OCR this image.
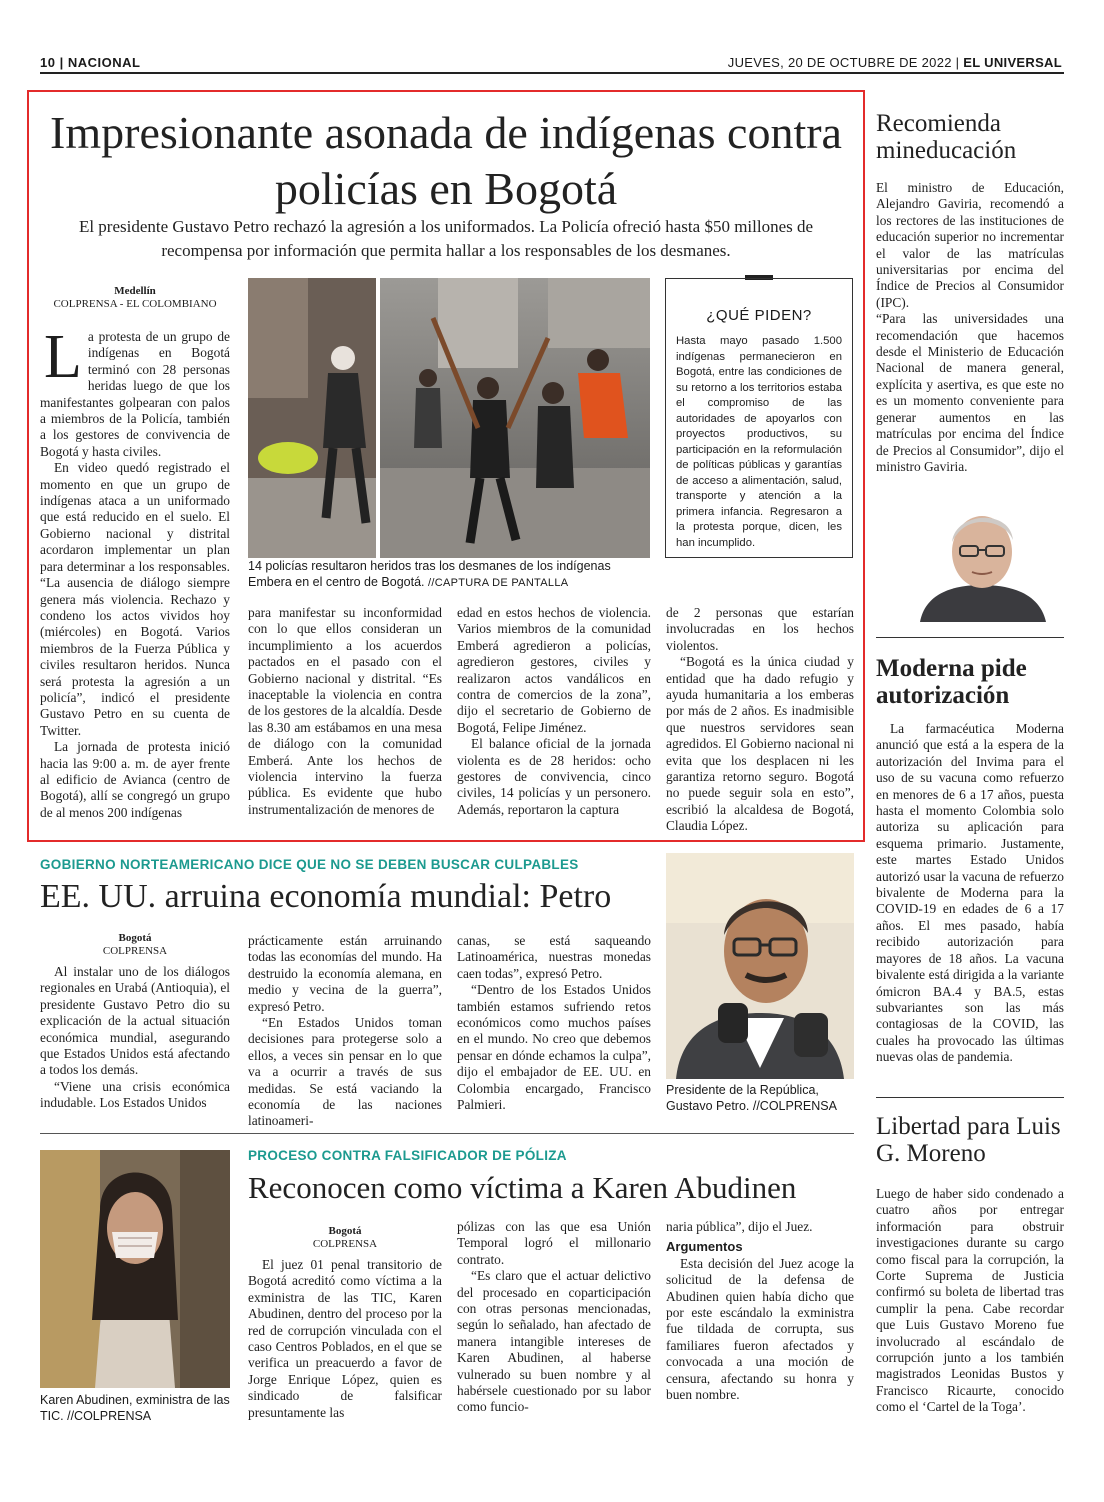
10 | NACIONAL	JUEVES, 20 DE OCTUBRE DE 2022 | EL UNIVERSAL
Impresionante asonada de indígenas contra policías en Bogotá

El presidente Gustavo Petro rechazó la agresión a los uniformados. La Policía ofreció hasta $50 millones de recompensa por información que permita hallar a los responsables de los desmanes.

Medellín
COLPRENSA - EL COLOMBIANO
L a protesta de un grupo de indígenas en Bogotá terminó con 28 personas heridas luego de que los manifestantes golpearan con palos a miembros de la Policía, también a los gestores de convivencia de Bogotá y hasta civiles.

En video quedó registrado el momento en que un grupo de indígenas ataca a un uniformado que está reducido en el suelo. El Gobierno nacional y distrital acordaron implementar un plan para determinar a los responsables. “La ausencia de diálogo siempre genera más violencia. Rechazo y condeno los actos vividos hoy (miércoles) en Bogotá. Varios miembros de la Fuerza Pública y civiles resultaron heridos. Nunca será protesta la agresión a un policía”, indicó el presidente Gustavo Petro en su cuenta de Twitter.

La jornada de protesta inició hacia las 9:00 a. m. de ayer frente al edificio de Avianca (centro de Bogotá), allí se congregó un grupo de al menos 200 indígenas

14 policías resultaron heridos tras los desmanes de los indígenas Embera en el centro de Bogotá. //CAPTURA DE PANTALLA
¿QUÉ PIDEN?
Hasta mayo pasado 1.500 indígenas permanecieron en Bogotá, entre las condiciones de su retorno a los territorios estaba el compromiso de las autoridades de apoyarlos con proyectos productivos, su participación en la reformulación de políticas públicas y garantías de acceso a alimentación, salud, transporte y atención a la primera infancia. Regresaron a la protesta porque, dicen, les han incumplido.

para manifestar su inconformidad con lo que ellos consideran un incumplimiento a los acuerdos pactados en el pasado con el Gobierno nacional y distrital. “Es inaceptable la violencia en contra de los gestores de la alcaldía. Desde las 8.30 am estábamos en una mesa de diálogo con la comunidad Emberá. Ante los hechos de violencia intervino la fuerza pública. Es evidente que hubo instrumentalización de menores de

edad en estos hechos de violencia. Varios miembros de la comunidad Emberá agredieron a policías, agredieron gestores, civiles y realizaron actos vandálicos en contra de comercios de la zona”, dijo el secretario de Gobierno de Bogotá, Felipe Jiménez.

El balance oficial de la jornada violenta es de 28 heridos: ocho gestores de convivencia, cinco civiles, 14 policías y un personero. Además, reportaron la captura

de 2 personas que estarían involucradas en los hechos violentos.

“Bogotá es la única ciudad y entidad que ha dado refugio y ayuda humanitaria a los emberas por más de 2 años. Es inadmisible que nuestros servidores sean agredidos. El Gobierno nacional ni evita que los desplacen ni les garantiza retorno seguro. Bogotá no puede seguir sola en esto”, escribió la alcaldesa de Bogotá, Claudia López.

Recomienda mineducación

El ministro de Educación, Alejandro Gaviria, recomendó a los rectores de las instituciones de educación superior no incrementar el valor de las matrículas universitarias por encima del Índice de Precios al Consumidor (IPC).

“Para las universidades una recomendación que hacemos desde el Ministerio de Educación Nacional de manera general, explícita y asertiva, es que este no es un momento conveniente para generar aumentos en las matrículas por encima del Índice de Precios al Consumidor”, dijo el ministro Gaviria.

Moderna pide autorización

La farmacéutica Moderna anunció que está a la espera de la autorización del Invima para el uso de su vacuna como refuerzo en menores de 6 a 17 años, puesta hasta el momento Colombia solo autoriza su aplicación para esquema primario. Justamente, este martes Estado Unidos autorizó usar la vacuna de refuerzo bivalente de Moderna para la COVID-19 en edades de 6 a 17 años. El mes pasado, había recibido autorización para mayores de 18 años. La vacuna bivalente está dirigida a la variante ómicron BA.4 y BA.5, estas subvariantes son las más contagiosas de la COVID, las cuales ha provocado las últimas nuevas olas de pandemia.

Libertad para Luis G. Moreno

Luego de haber sido condenado a cuatro años por entregar información para obstruir investigaciones durante su cargo como fiscal para la corrupción, la Corte Suprema de Justicia confirmó su boleta de libertad tras cumplir la pena. Cabe recordar que Luis Gustavo Moreno fue involucrado al escándalo de corrupción junto a los también magistrados Leonidas Bustos y Francisco Ricaurte, conocido como el ‘Cartel de la Toga’.

GOBIERNO NORTEAMERICANO DICE QUE NO SE DEBEN BUSCAR CULPABLES
EE. UU. arruina economía mundial: Petro
Bogotá
COLPRENSA

Al instalar uno de los diálogos regionales en Urabá (Antioquia), el presidente Gustavo Petro dio su explicación de la actual situación económica mundial, asegurando que Estados Unidos está afectando a todos los demás.

“Viene una crisis económica indudable. Los Estados Unidos

prácticamente están arruinando todas las economías del mundo. Ha destruido la economía alemana, en medio y vecina de la guerra”, expresó Petro.

“En Estados Unidos toman decisiones para protegerse solo a ellos, a veces sin pensar en lo que va a ocurrir a través de sus medidas. Se está vaciando la economía de las naciones latinoameri-

canas, se está saqueando Latinoamérica, nuestras monedas caen todas”, expresó Petro.

“Dentro de los Estados Unidos también estamos sufriendo retos económicos como muchos países en el mundo. No creo que debemos pensar en dónde echamos la culpa”, dijo el embajador de EE. UU. en Colombia encargado, Francisco Palmieri.

Presidente de la República, Gustavo Petro. //COLPRENSA
Karen Abudinen, exministra de las TIC. //COLPRENSA
PROCESO CONTRA FALSIFICADOR DE PÓLIZA
Reconocen como víctima a Karen Abudinen
Bogotá
COLPRENSA

El juez 01 penal transitorio de Bogotá acreditó como víctima a la exministra de las TIC, Karen Abudinen, dentro del proceso por la red de corrupción vinculada con el caso Centros Poblados, en el que se verifica un preacuerdo a favor de Jorge Enrique López, quien es sindicado de falsificar presuntamente las

pólizas con las que esa Unión Temporal logró el millonario contrato.

“Es claro que el actuar delictivo del procesado en coparticipación con otras personas mencionadas, según lo señalado, han afectado de manera intangible intereses de Karen Abudinen, al haberse vulnerado su buen nombre y al habérsele cuestionado por su labor como funcio-

naria pública”, dijo el Juez.

Argumentos

Esta decisión del Juez acoge la solicitud de la defensa de Abudinen quien había dicho que por este escándalo la exministra fue tildada de corrupta, sus familiares fueron afectados y convocada a una moción de censura, afectando su honra y buen nombre.
